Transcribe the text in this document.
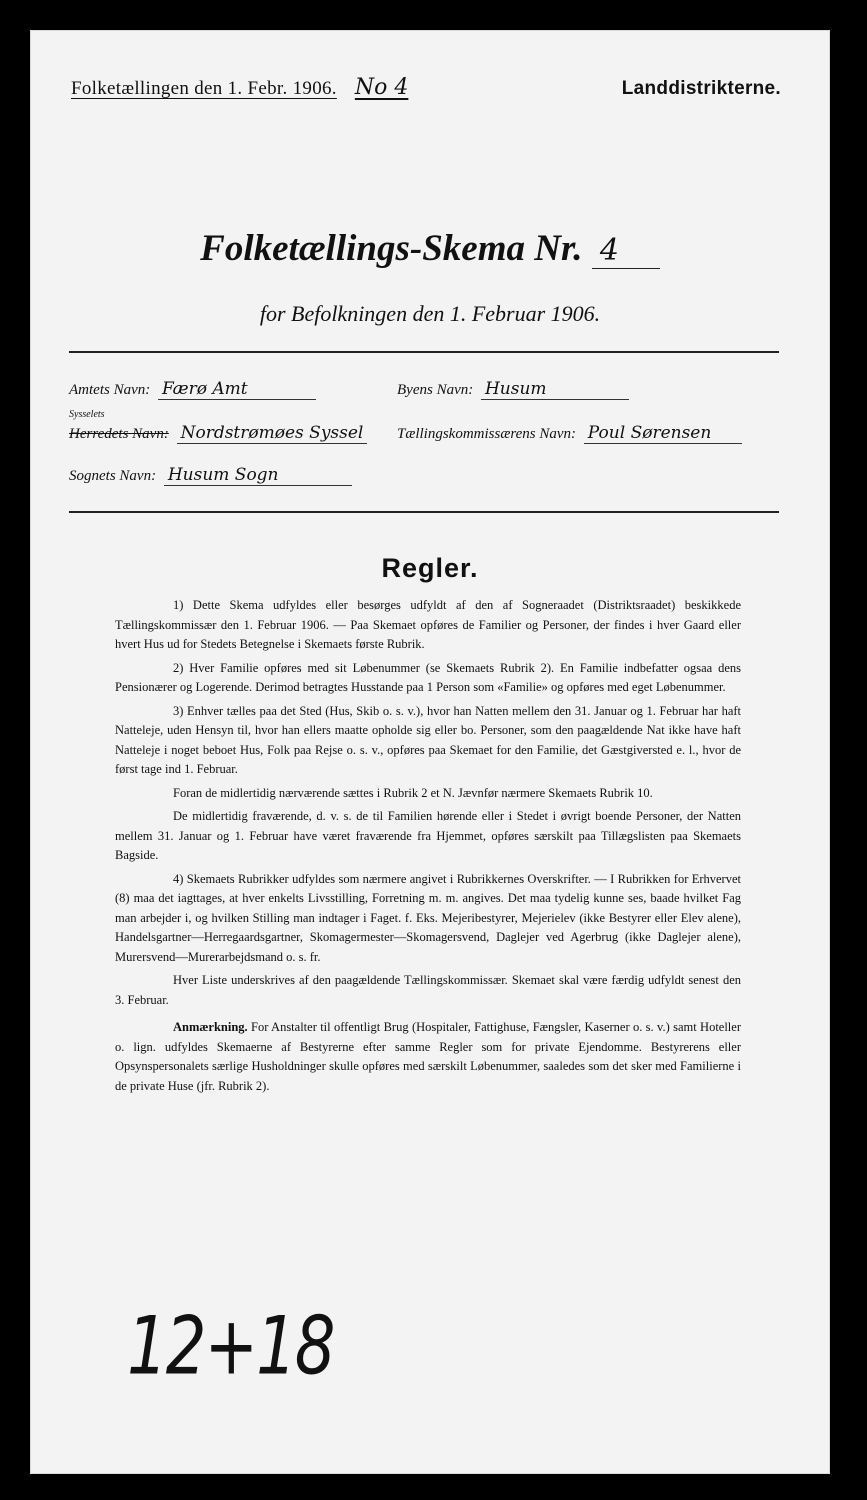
Folketællingen den 1. Febr. 1906. No 4	Landdistrikterne.
Folketællings-Skema Nr. 4
for Befolkningen den 1. Februar 1906.
Amtets Navn: Færø Amt	Byens Navn: Husum
Sysselets
Herredets Navn: Nordstrømøes Syssel Tællingskommissærens Navn: Poul Sørensen
Sognets Navn: Husum Sogn
Regler.

1) Dette Skema udfyldes eller besørges udfyldt af den af Sogneraadet (Distriktsraadet) beskikkede Tællingskommissær den 1. Februar 1906. — Paa Skemaet opføres de Familier og Personer, der findes i hver Gaard eller hvert Hus ud for Stedets Betegnelse i Skemaets første Rubrik.

2) Hver Familie opføres med sit Løbenummer (se Skemaets Rubrik 2). En Familie indbefatter ogsaa dens Pensionærer og Logerende. Derimod betragtes Husstande paa 1 Person som «Familie» og opføres med eget Løbenummer.

3) Enhver tælles paa det Sted (Hus, Skib o. s. v.), hvor han Natten mellem den 31. Januar og 1. Februar har haft Natteleje, uden Hensyn til, hvor han ellers maatte opholde sig eller bo. Personer, som den paagældende Nat ikke have haft Natteleje i noget beboet Hus, Folk paa Rejse o. s. v., opføres paa Skemaet for den Familie, det Gæstgiversted e. l., hvor de først tage ind 1. Februar.

Foran de midlertidig nærværende sættes i Rubrik 2 et N. Jævnfør nærmere Skemaets Rubrik 10.

De midlertidig fraværende, d. v. s. de til Familien hørende eller i Stedet i øvrigt boende Personer, der Natten mellem 31. Januar og 1. Februar have været fraværende fra Hjemmet, opføres særskilt paa Tillægslisten paa Skemaets Bagside.

4) Skemaets Rubrikker udfyldes som nærmere angivet i Rubrikkernes Overskrifter. — I Rubrikken for Erhvervet (8) maa det iagttages, at hver enkelts Livsstilling, Forretning m. m. angives. Det maa tydelig kunne ses, baade hvilket Fag man arbejder i, og hvilken Stilling man indtager i Faget. f. Eks. Mejeribestyrer, Mejerielev (ikke Bestyrer eller Elev alene), Handelsgartner—Herregaardsgartner, Skomagermester—Skomagersvend, Daglejer ved Agerbrug (ikke Daglejer alene), Murersvend—Murerarbejdsmand o. s. fr.

Hver Liste underskrives af den paagældende Tællingskommissær. Skemaet skal være færdig udfyldt senest den 3. Februar.

Anmærkning. For Anstalter til offentligt Brug (Hospitaler, Fattighuse, Fængsler, Kaserner o. s. v.) samt Hoteller o. lign. udfyldes Skemaerne af Bestyrerne efter samme Regler som for private Ejendomme. Bestyrerens eller Opsynspersonalets særlige Husholdninger skulle opføres med særskilt Løbenummer, saaledes som det sker med Familierne i de private Huse (jfr. Rubrik 2).

12+18
